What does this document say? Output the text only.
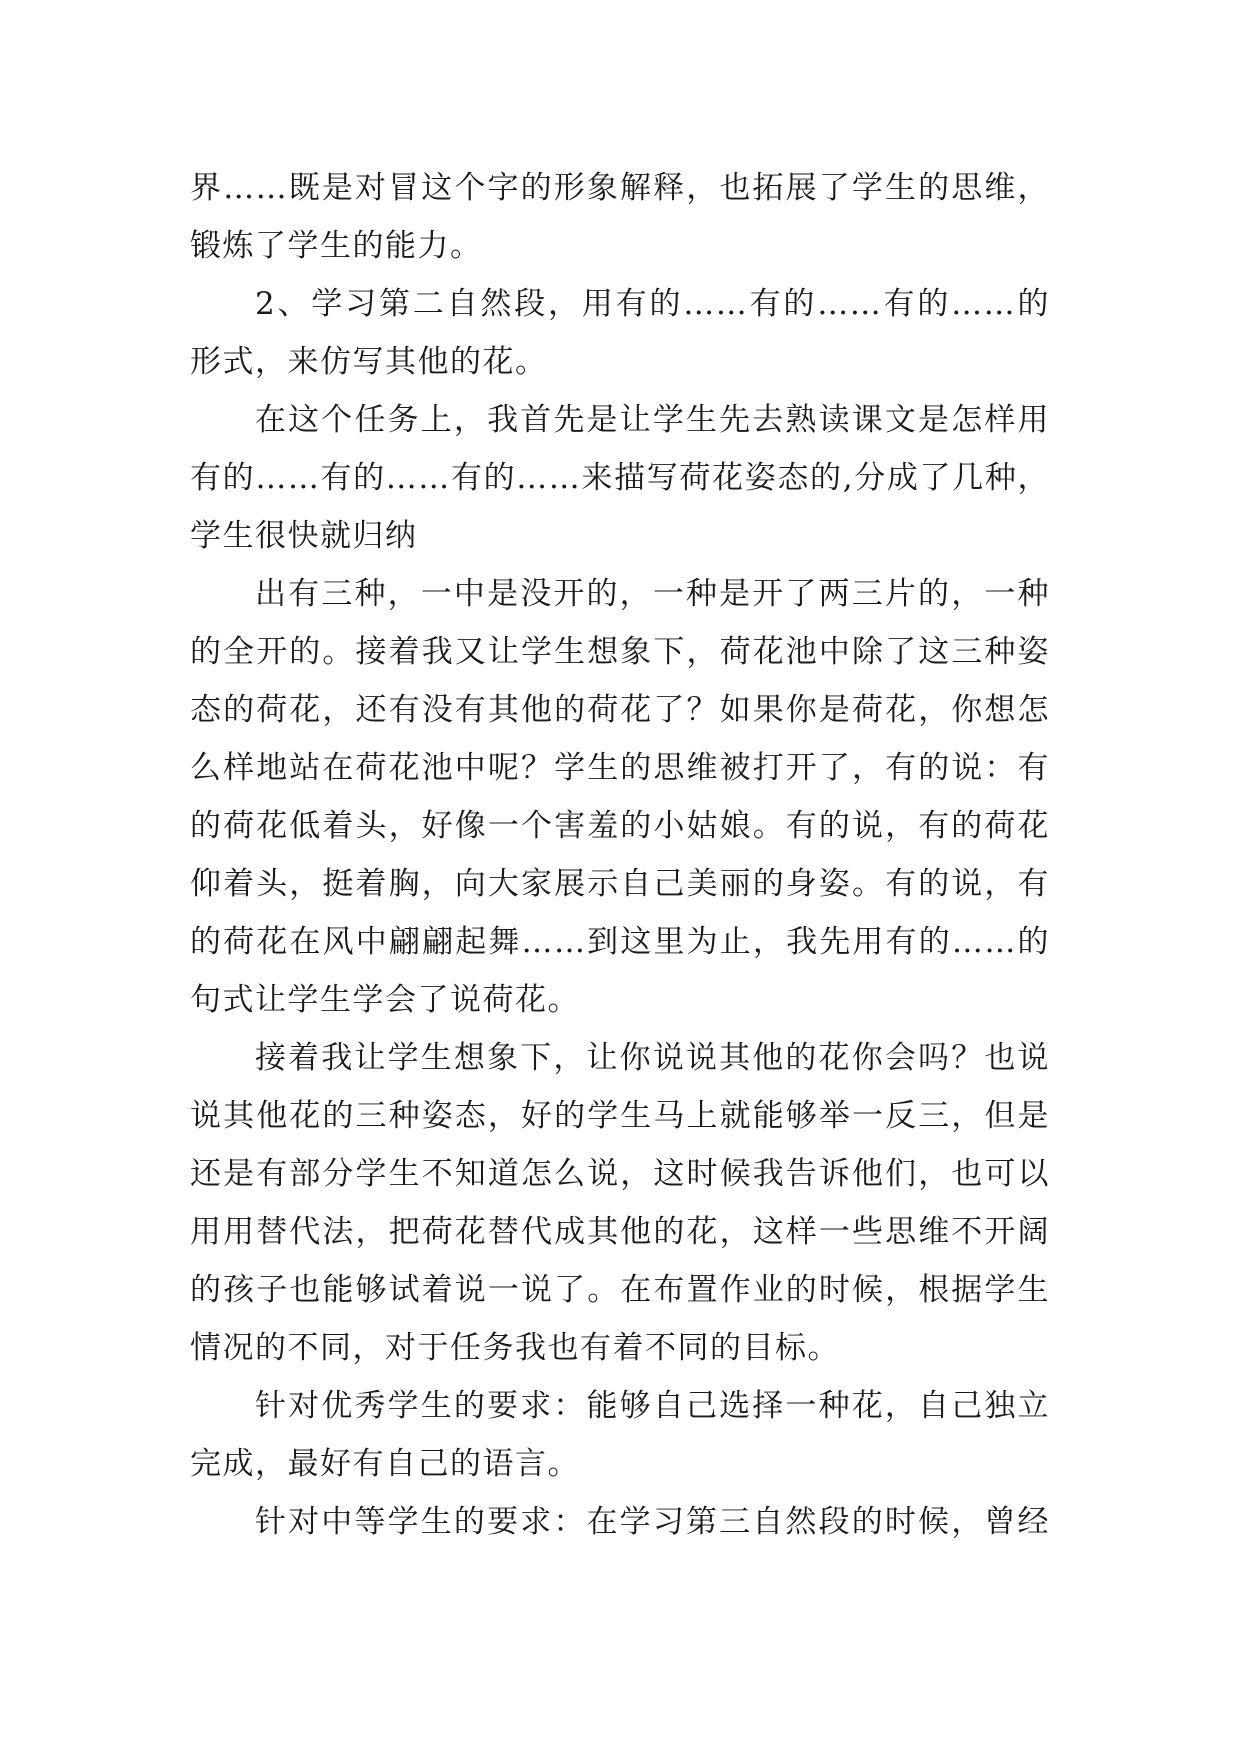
界……既是对冒这个字的形象解释，也拓展了学生的思维，
锻炼了学生的能力。
2、学习第二自然段，用有的……有的……有的……的
形式，来仿写其他的花。
在这个任务上，我首先是让学生先去熟读课文是怎样用
有的……有的……有的……来描写荷花姿态的,分成了几种，
学生很快就归纳
出有三种，一中是没开的，一种是开了两三片的，一种
的全开的。接着我又让学生想象下，荷花池中除了这三种姿
态的荷花，还有没有其他的荷花了？如果你是荷花，你想怎
么样地站在荷花池中呢？学生的思维被打开了，有的说：有
的荷花低着头，好像一个害羞的小姑娘。有的说，有的荷花
仰着头，挺着胸，向大家展示自己美丽的身姿。有的说，有
的荷花在风中翩翩起舞……到这里为止，我先用有的……的
句式让学生学会了说荷花。
接着我让学生想象下，让你说说其他的花你会吗？也说
说其他花的三种姿态，好的学生马上就能够举一反三，但是
还是有部分学生不知道怎么说，这时候我告诉他们，也可以
用用替代法，把荷花替代成其他的花，这样一些思维不开阔
的孩子也能够试着说一说了。在布置作业的时候，根据学生
情况的不同，对于任务我也有着不同的目标。
针对优秀学生的要求：能够自己选择一种花，自己独立
完成，最好有自己的语言。
针对中等学生的要求：在学习第三自然段的时候，曾经
